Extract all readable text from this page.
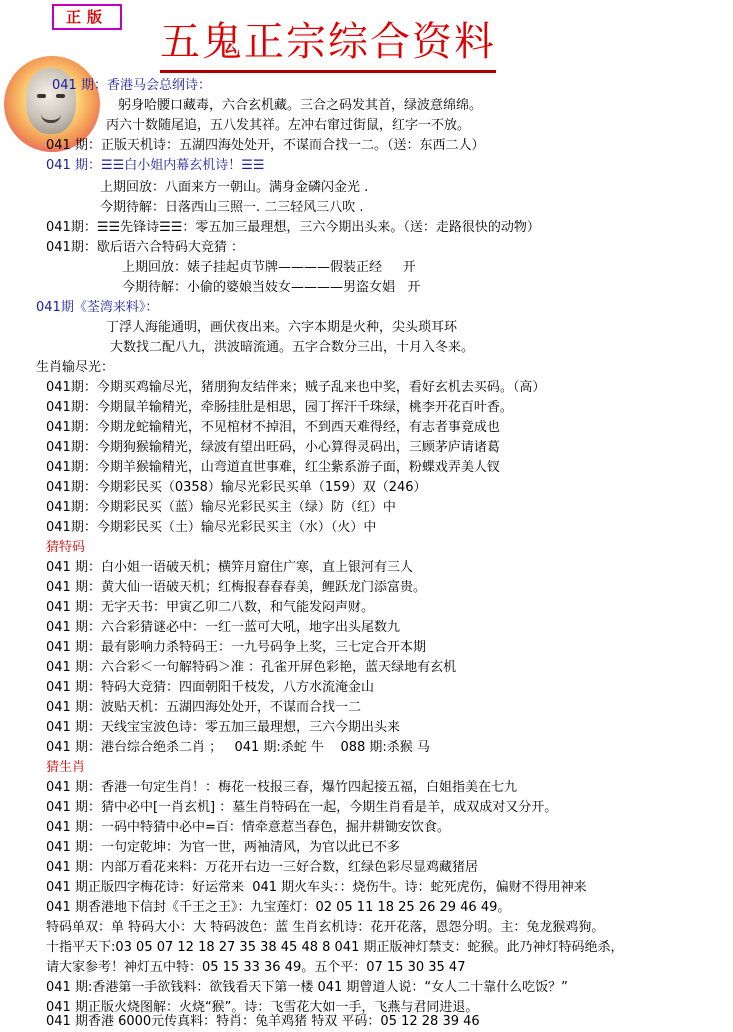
正版
五鬼正宗综合资料
041 期：香港马会总纲诗：
躬身哈腰口藏毒，六合玄机藏。三合之码发其首，绿波意绵绵。
丙六十数随尾追，五八发其祥。左冲右窜过街鼠，红字一不放。
041 期：正版天机诗：五湖四海处处开，不谋而合找一二。（送：东西二人）
041 期：☰☰白小姐内幕玄机诗！☰☰
上期回放：八面来方一朝山。满身金磷闪金光 .
今期待解：日落西山三照一. 二三轻风三八吹 .
041期：☰☰先锋诗☰☰：零五加三最理想，三六今期出头来。（送：走路很快的动物）
041期：歇后语六合特码大竞猜 ：
上期回放：婊子挂起贞节牌————假装正经     开
今期待解：小偷的婆娘当妓女————男盗女娼   开
041期《荃湾来料》：
丁浮人海能通明，画伏夜出来。六字本期是火种，尖头琐耳环
大数找二配八九，洪波暗流通。五字合数分三出，十月入冬来。
生肖输尽光：
041期：今期买鸡输尽光，猪朋狗友结伴来；贼子乱来也中奖，看好玄机去买码。（高）
041期：今期鼠羊输精光，牵肠挂肚是相思，园丁挥汗千珠绿，桃李开花百叶香。
041期：今期龙蛇输精光，不见棺材不掉泪，不到西天难得经，有志者事竟成也
041期：今期狗猴输精光，绿波有望出旺码，小心算得灵码出，三顾茅庐请诸葛
041期：今期羊猴输精光，山弯道直世事难，红尘紫系游子面，粉蝶戏弄美人钗
041期：今期彩民买（0358）输尽光彩民买单（159）双（246）
041期：今期彩民买（蓝）输尽光彩民买主（绿）防（红）中
041期：今期彩民买（土）输尽光彩民买主（水）（火）中
猜特码
041 期：白小姐一语破天机；横笄月窟住广寒，直上银河有三人
041 期：黄大仙一语破天机；红梅报春春春美，鲤跃龙门添富贵。
041 期：无字天书：甲寅乙卯二八数，和气能发闷声财。
041 期：六合彩猜谜必中：一红一蓝可大吼，地字出头尾数九
041 期：最有影响力杀特码王：一九号码争上奖，三七定合开本期
041 期：六合彩＜一句解特码＞准 ：孔雀开屏色彩艳，蓝天绿地有玄机
041 期：特码大竞猜：四面朝阳千枝发，八方水流淹金山
041 期：波贴天机：五湖四海处处开，不谋而合找一二
041 期：天线宝宝波色诗：零五加三最理想，三六今期出头来
041 期：港台综合绝杀二肖 ；   041 期:杀蛇 牛    088 期:杀猴 马
猜生肖
041 期：香港一句定生肖！：梅花一枝报三春，爆竹四起接五福，白姐指美在七九
041 期：猜中必中[一肖玄机] ：墓生肖特码在一起，今期生肖看是羊，成双成对又分开。
041 期：一码中特猜中必中=百：情牵意惹当春色，掘井耕锄安饮食。
041 期：一句定乾坤：为官一世，两袖清风，为官以此已不多
041 期：内部万看花来料：万花开右边一三好合数，红绿色彩尽显鸡藏猪居
041 期正版四字梅花诗：好运常来  041 期火车头：：烧伤牛。诗：蛇死虎伤，偏财不得用神来
041 期香港地下信封《千王之王》：九宝莲灯：02 05 11 18 25 26 29 46 49。
特码单双：单 特码大小：大 特码波色：蓝 生肖玄机诗：花开花落，恩怨分明。主：兔龙猴鸡狗。
十指平天下:03 05 07 12 18 27 35 38 45 48 8 041 期正版神灯禁支：蛇猴。此乃神灯特码绝杀，
请大家参考！神灯五中特：05 15 33 36 49。五个平：07 15 30 35 47
041 期:香港第一手欲钱料：欲钱看天下第一楼 041 期曾道人说：“女人二十靠什么吃饭？”
041 期正版火烧图解：火烧“猴”。诗：飞雪花大如一手，飞燕与君同进退。
041 期香港 6000元传真料：特肖：兔羊鸡猪 特双 平码：05 12 28 39 46
